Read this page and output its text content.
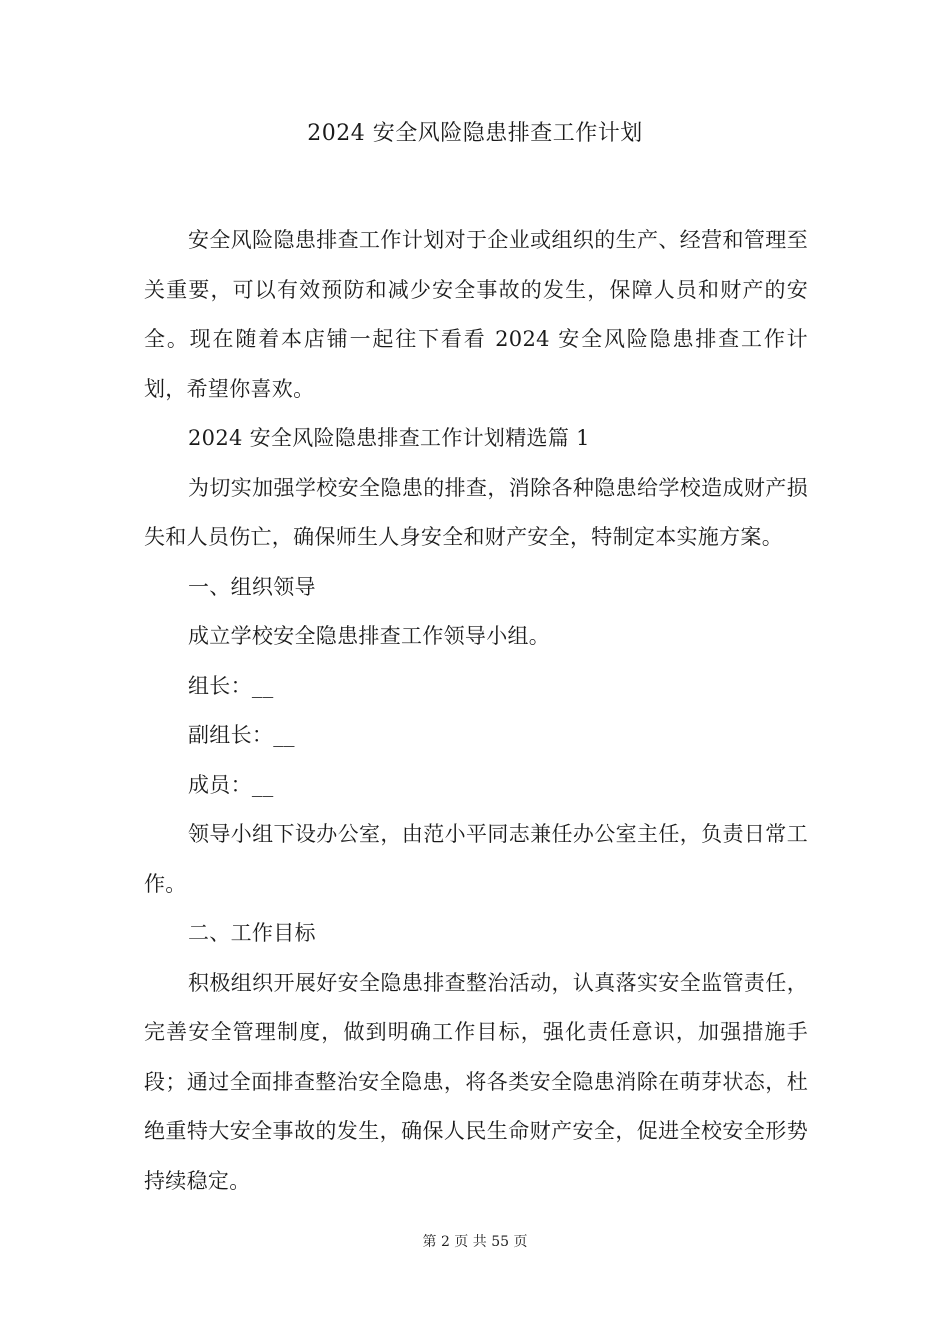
2024 安全风险隐患排查工作计划

安全风险隐患排查工作计划对于企业或组织的生产、经营和管理至关重要，可以有效预防和减少安全事故的发生，保障人员和财产的安全。现在随着本店铺一起往下看看 2024 安全风险隐患排查工作计划，希望你喜欢。

2024 安全风险隐患排查工作计划精选篇 1

为切实加强学校安全隐患的排查，消除各种隐患给学校造成财产损失和人员伤亡，确保师生人身安全和财产安全，特制定本实施方案。

一、组织领导

成立学校安全隐患排查工作领导小组。

组长：__

副组长：__

成员：__

领导小组下设办公室，由范小平同志兼任办公室主任，负责日常工作。

二、工作目标

积极组织开展好安全隐患排查整治活动，认真落实安全监管责任，完善安全管理制度，做到明确工作目标，强化责任意识，加强措施手段；通过全面排查整治安全隐患，将各类安全隐患消除在萌芽状态，杜绝重特大安全事故的发生，确保人民生命财产安全，促进全校安全形势持续稳定。

第 2 页 共 55 页
